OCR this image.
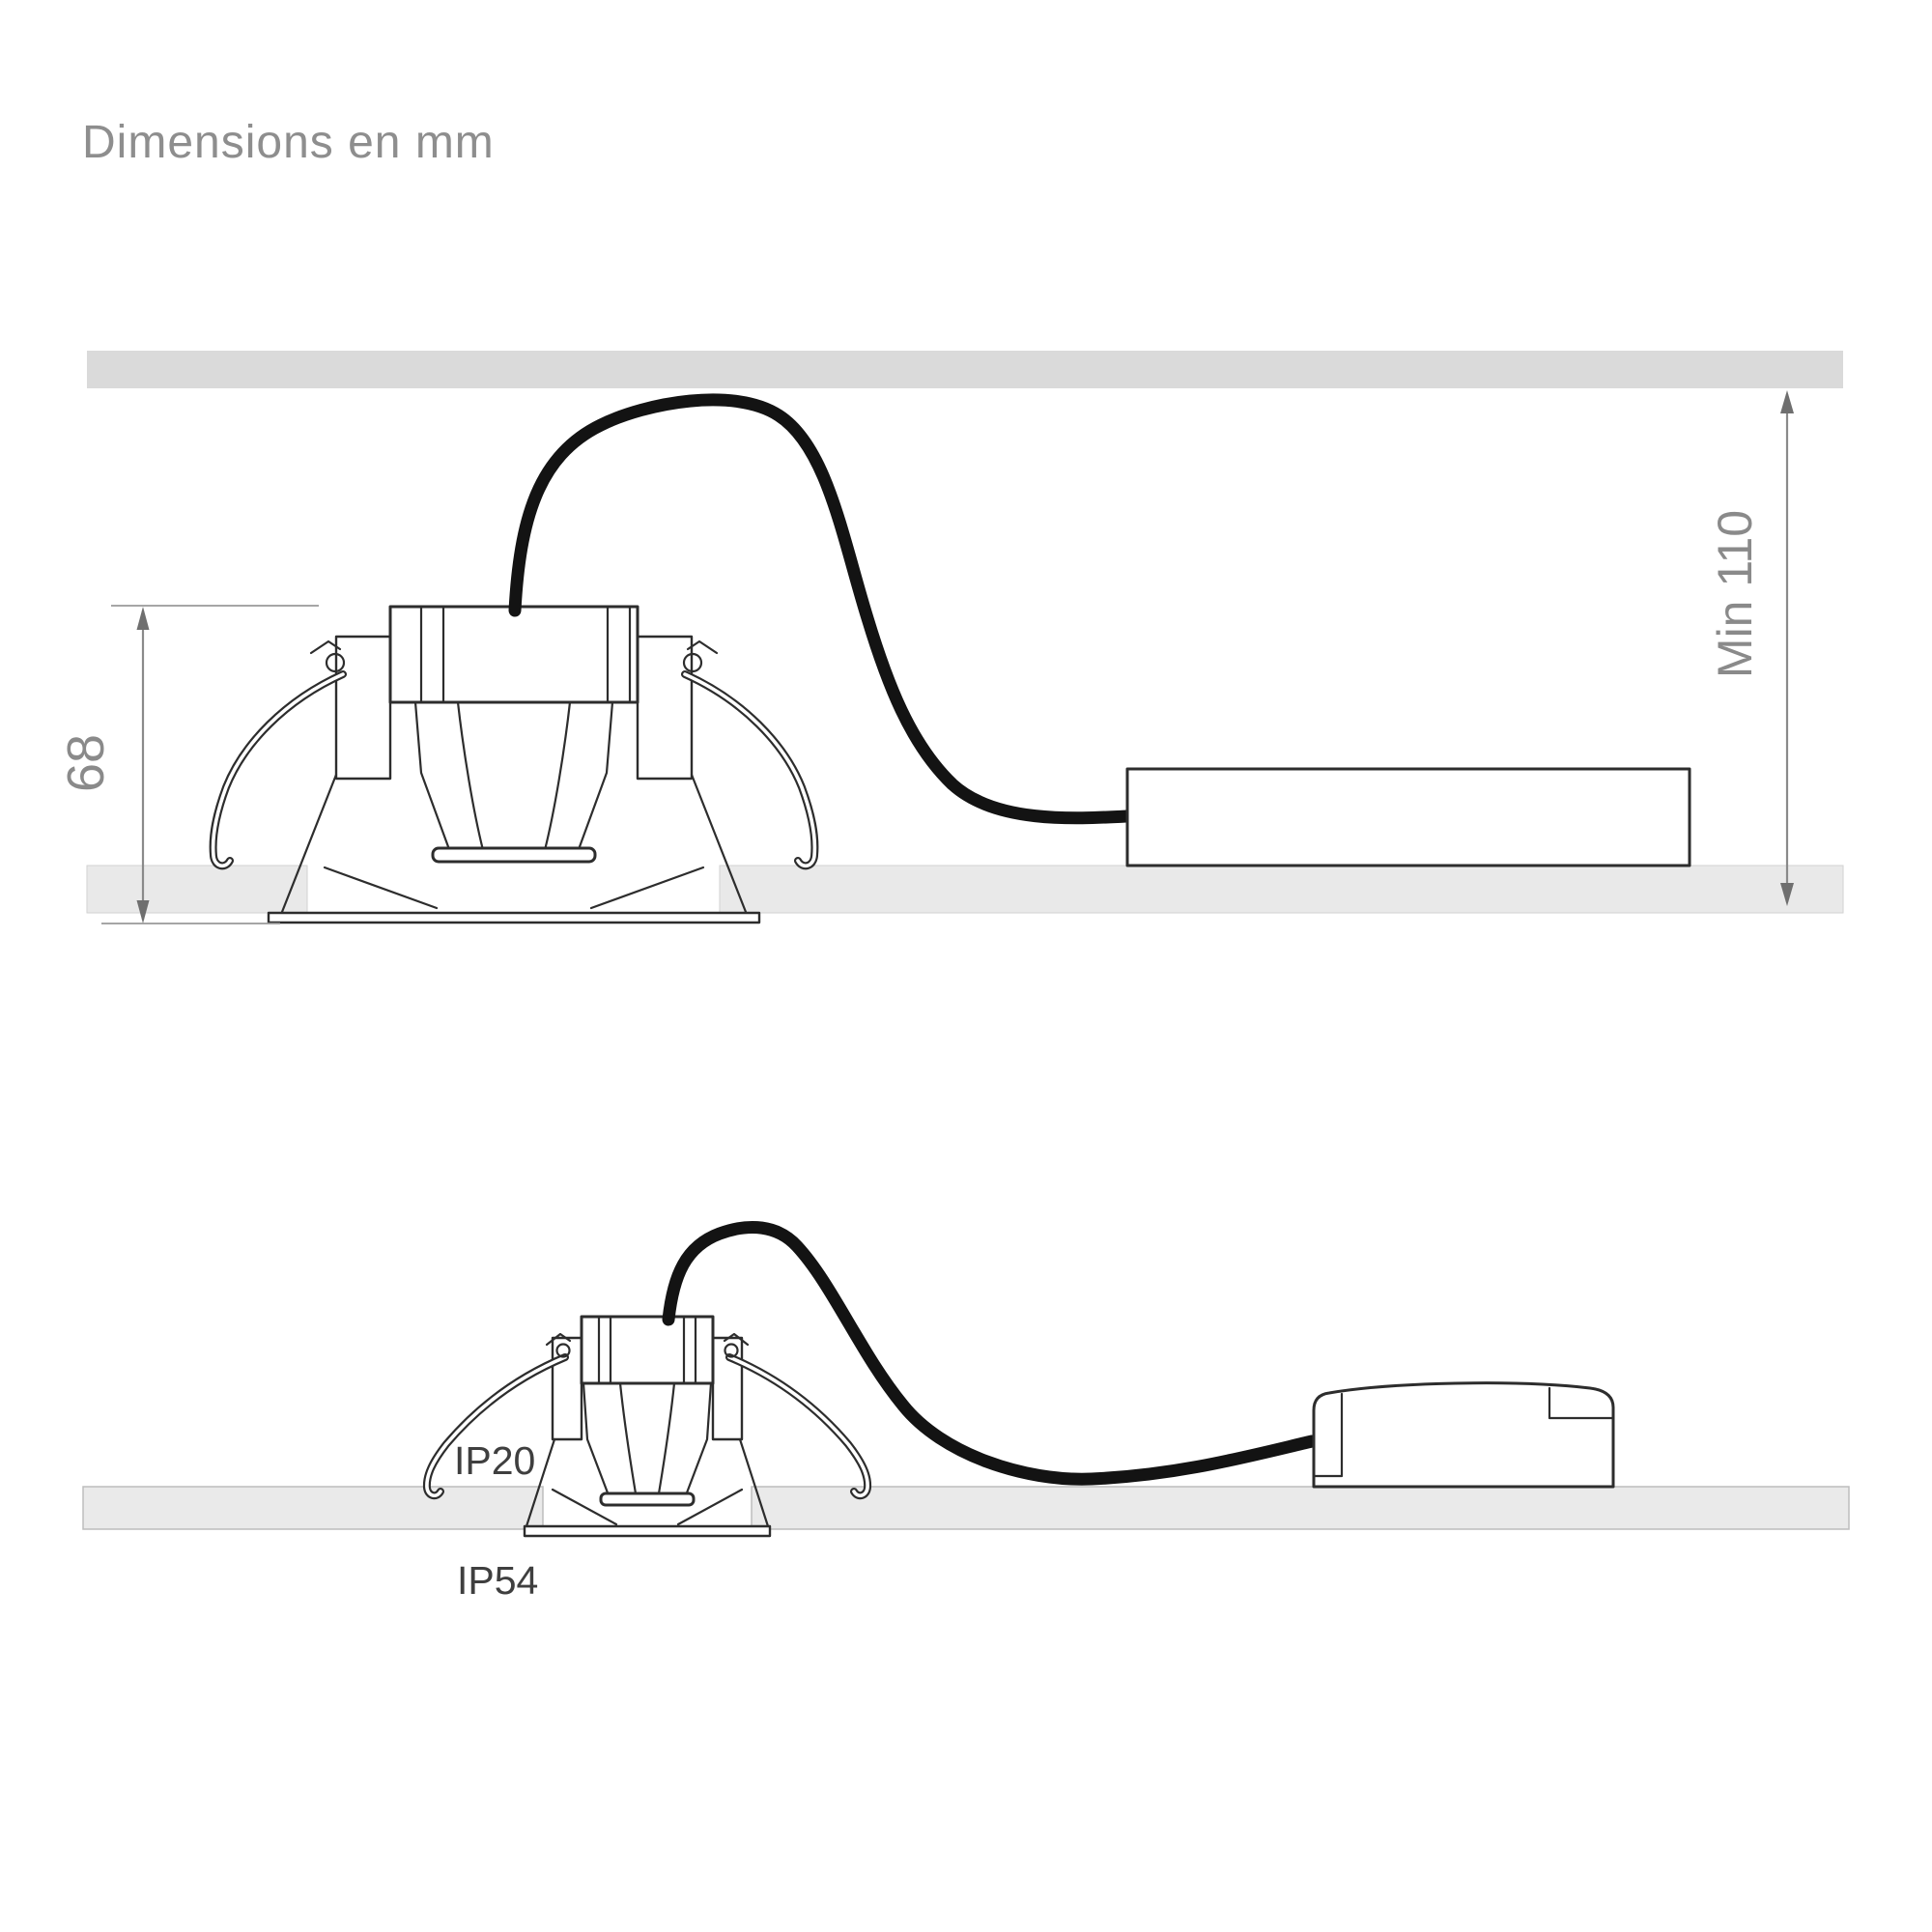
Dimensions en mm
68
Min 110
IP20
IP54
